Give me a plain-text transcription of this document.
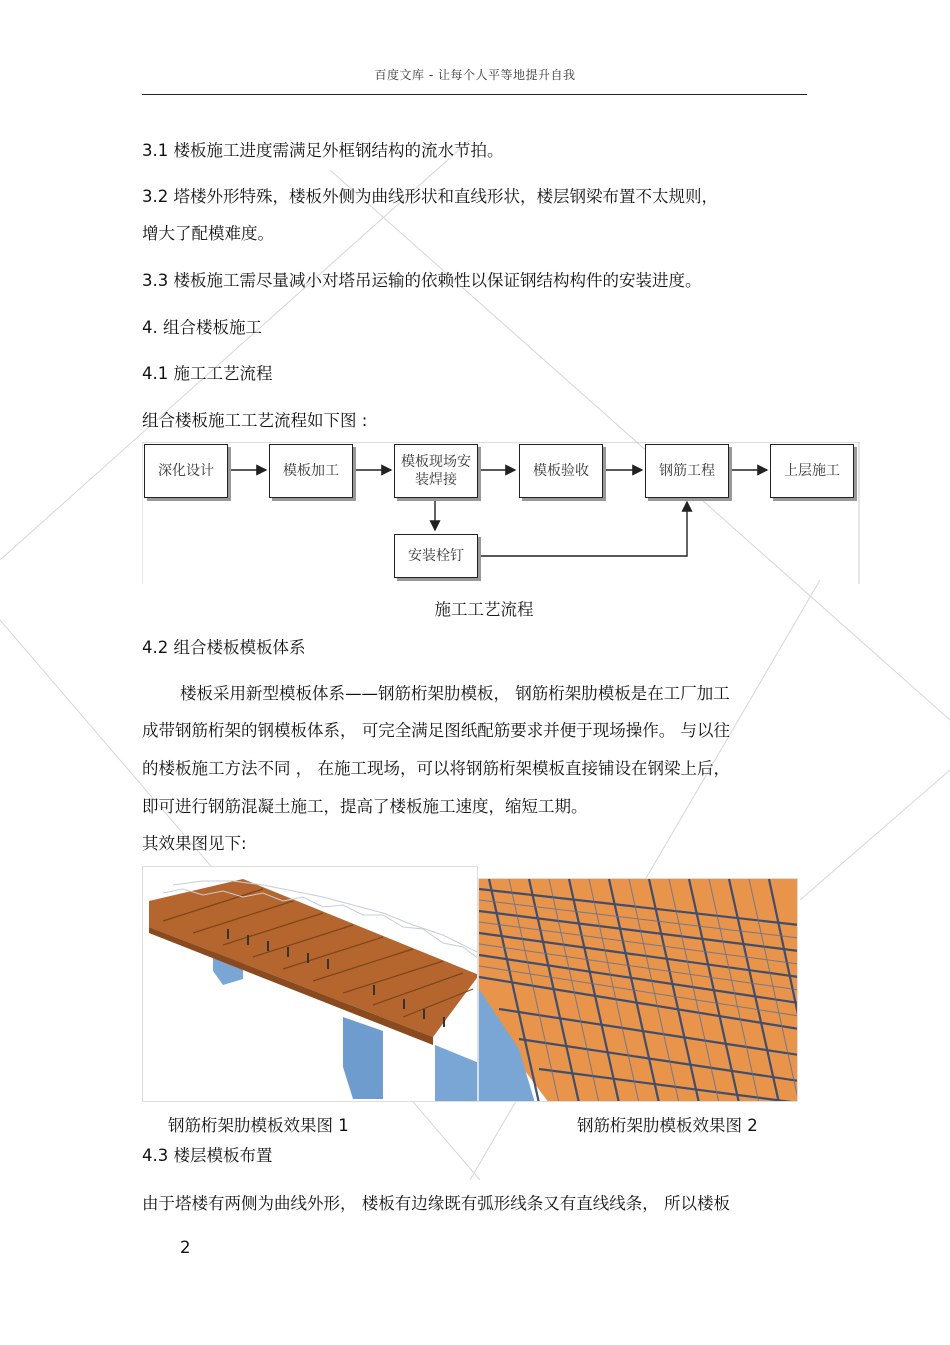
百度文库 - 让每个人平等地提升自我
3.1 楼板施工进度需满足外框钢结构的流水节拍。
3.2 塔楼外形特殊，楼板外侧为曲线形状和直线形状，楼层钢梁布置不太规则，
增大了配模难度。
3.3 楼板施工需尽量减小对塔吊运输的依赖性以保证钢结构构件的安装进度。
4. 组合楼板施工
4.1 施工工艺流程
组合楼板施工工艺流程如下图 :
深化设计	模板加工
模板现场安
装焊接
模板验收	钢筋工程	上层施工
安装栓钉
施工工艺流程
4.2 组合楼板模板体系
楼板采用新型模板体系——钢筋桁架肋模板， 钢筋桁架肋模板是在工厂加工
成带钢筋桁架的钢模板体系， 可完全满足图纸配筋要求并便于现场操作。 与以往
的楼板施工方法不同 ， 在施工现场，可以将钢筋桁架模板直接铺设在钢梁上后，
即可进行钢筋混凝土施工，提高了楼板施工速度，缩短工期。
其效果图见下:
钢筋桁架肋模板效果图 1	钢筋桁架肋模板效果图 2
4.3 楼层模板布置
由于塔楼有两侧为曲线外形， 楼板有边缘既有弧形线条又有直线线条， 所以楼板
2
